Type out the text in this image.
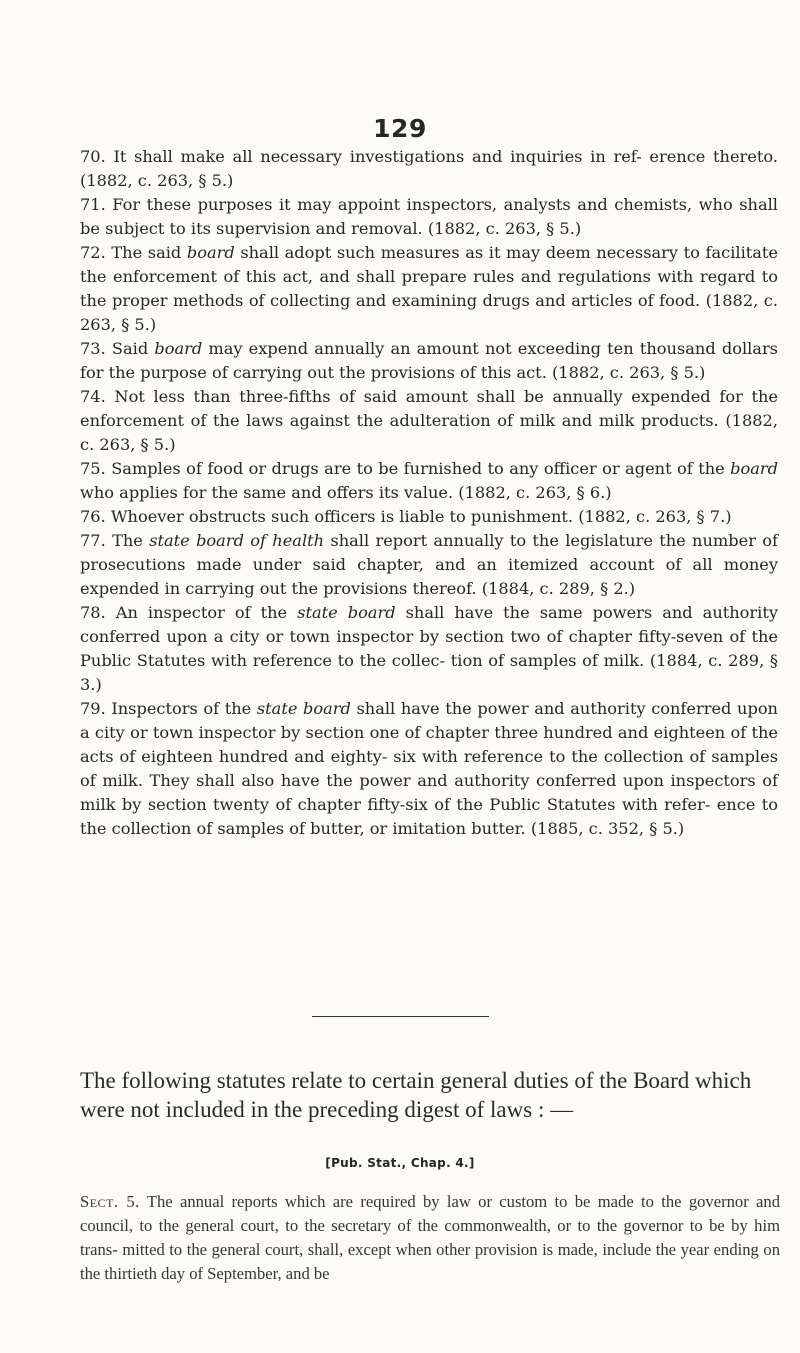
129

70. It shall make all necessary investigations and inquiries in ref- erence thereto. (1882, c. 263, § 5.)

71. For these purposes it may appoint inspectors, analysts and chemists, who shall be subject to its supervision and removal. (1882, c. 263, § 5.)

72. The said board shall adopt such measures as it may deem necessary to facilitate the enforcement of this act, and shall prepare rules and regulations with regard to the proper methods of collecting and examining drugs and articles of food. (1882, c. 263, § 5.)

73. Said board may expend annually an amount not exceeding ten thousand dollars for the purpose of carrying out the provisions of this act. (1882, c. 263, § 5.)

74. Not less than three-fifths of said amount shall be annually expended for the enforcement of the laws against the adulteration of milk and milk products. (1882, c. 263, § 5.)

75. Samples of food or drugs are to be furnished to any officer or agent of the board who applies for the same and offers its value. (1882, c. 263, § 6.)

76. Whoever obstructs such officers is liable to punishment. (1882, c. 263, § 7.)

77. The state board of health shall report annually to the legislature the number of prosecutions made under said chapter, and an itemized account of all money expended in carrying out the provisions thereof. (1884, c. 289, § 2.)

78. An inspector of the state board shall have the same powers and authority conferred upon a city or town inspector by section two of chapter fifty-seven of the Public Statutes with reference to the collec- tion of samples of milk. (1884, c. 289, § 3.)

79. Inspectors of the state board shall have the power and authority conferred upon a city or town inspector by section one of chapter three hundred and eighteen of the acts of eighteen hundred and eighty- six with reference to the collection of samples of milk. They shall also have the power and authority conferred upon inspectors of milk by section twenty of chapter fifty-six of the Public Statutes with refer- ence to the collection of samples of butter, or imitation butter. (1885, c. 352, § 5.)

The following statutes relate to certain general duties of the Board which were not included in the preceding digest of laws : —
[Pub. Stat., Chap. 4.]

Sect. 5. The annual reports which are required by law or custom to be made to the governor and council, to the general court, to the secretary of the commonwealth, or to the governor to be by him trans- mitted to the general court, shall, except when other provision is made, include the year ending on the thirtieth day of September, and be
